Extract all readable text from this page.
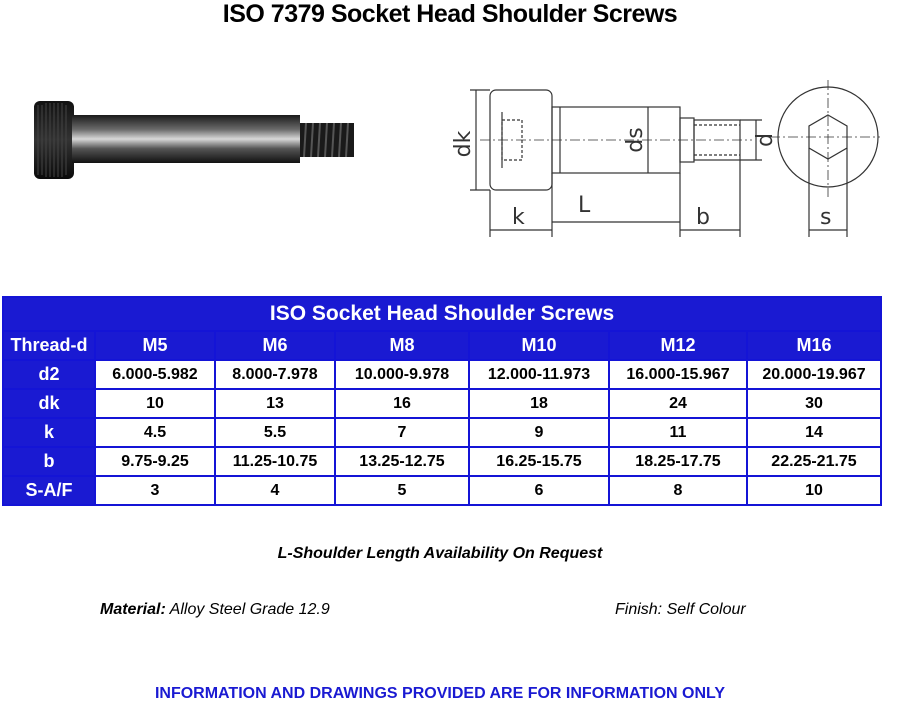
ISO 7379 Socket Head Shoulder Screws
dk	ds	d
k L	b	s
ISO Socket Head Shoulder Screws						
Thread-d	M5	M6	M8	M10	M12	M16
d2	6.000-5.982	8.000-7.978	10.000-9.978	12.000-11.973	16.000-15.967	20.000-19.967
dk	10	13	16	18	24	30
k	4.5	5.5	7	9	11	14
b	9.75-9.25	11.25-10.75	13.25-12.75	16.25-15.75	18.25-17.75	22.25-21.75
S-A/F	3	4	5	6	8	10
L-Shoulder Length Availability On Request
Material: Alloy Steel Grade 12.9	Finish: Self Colour
INFORMATION AND DRAWINGS PROVIDED ARE FOR INFORMATION ONLY
